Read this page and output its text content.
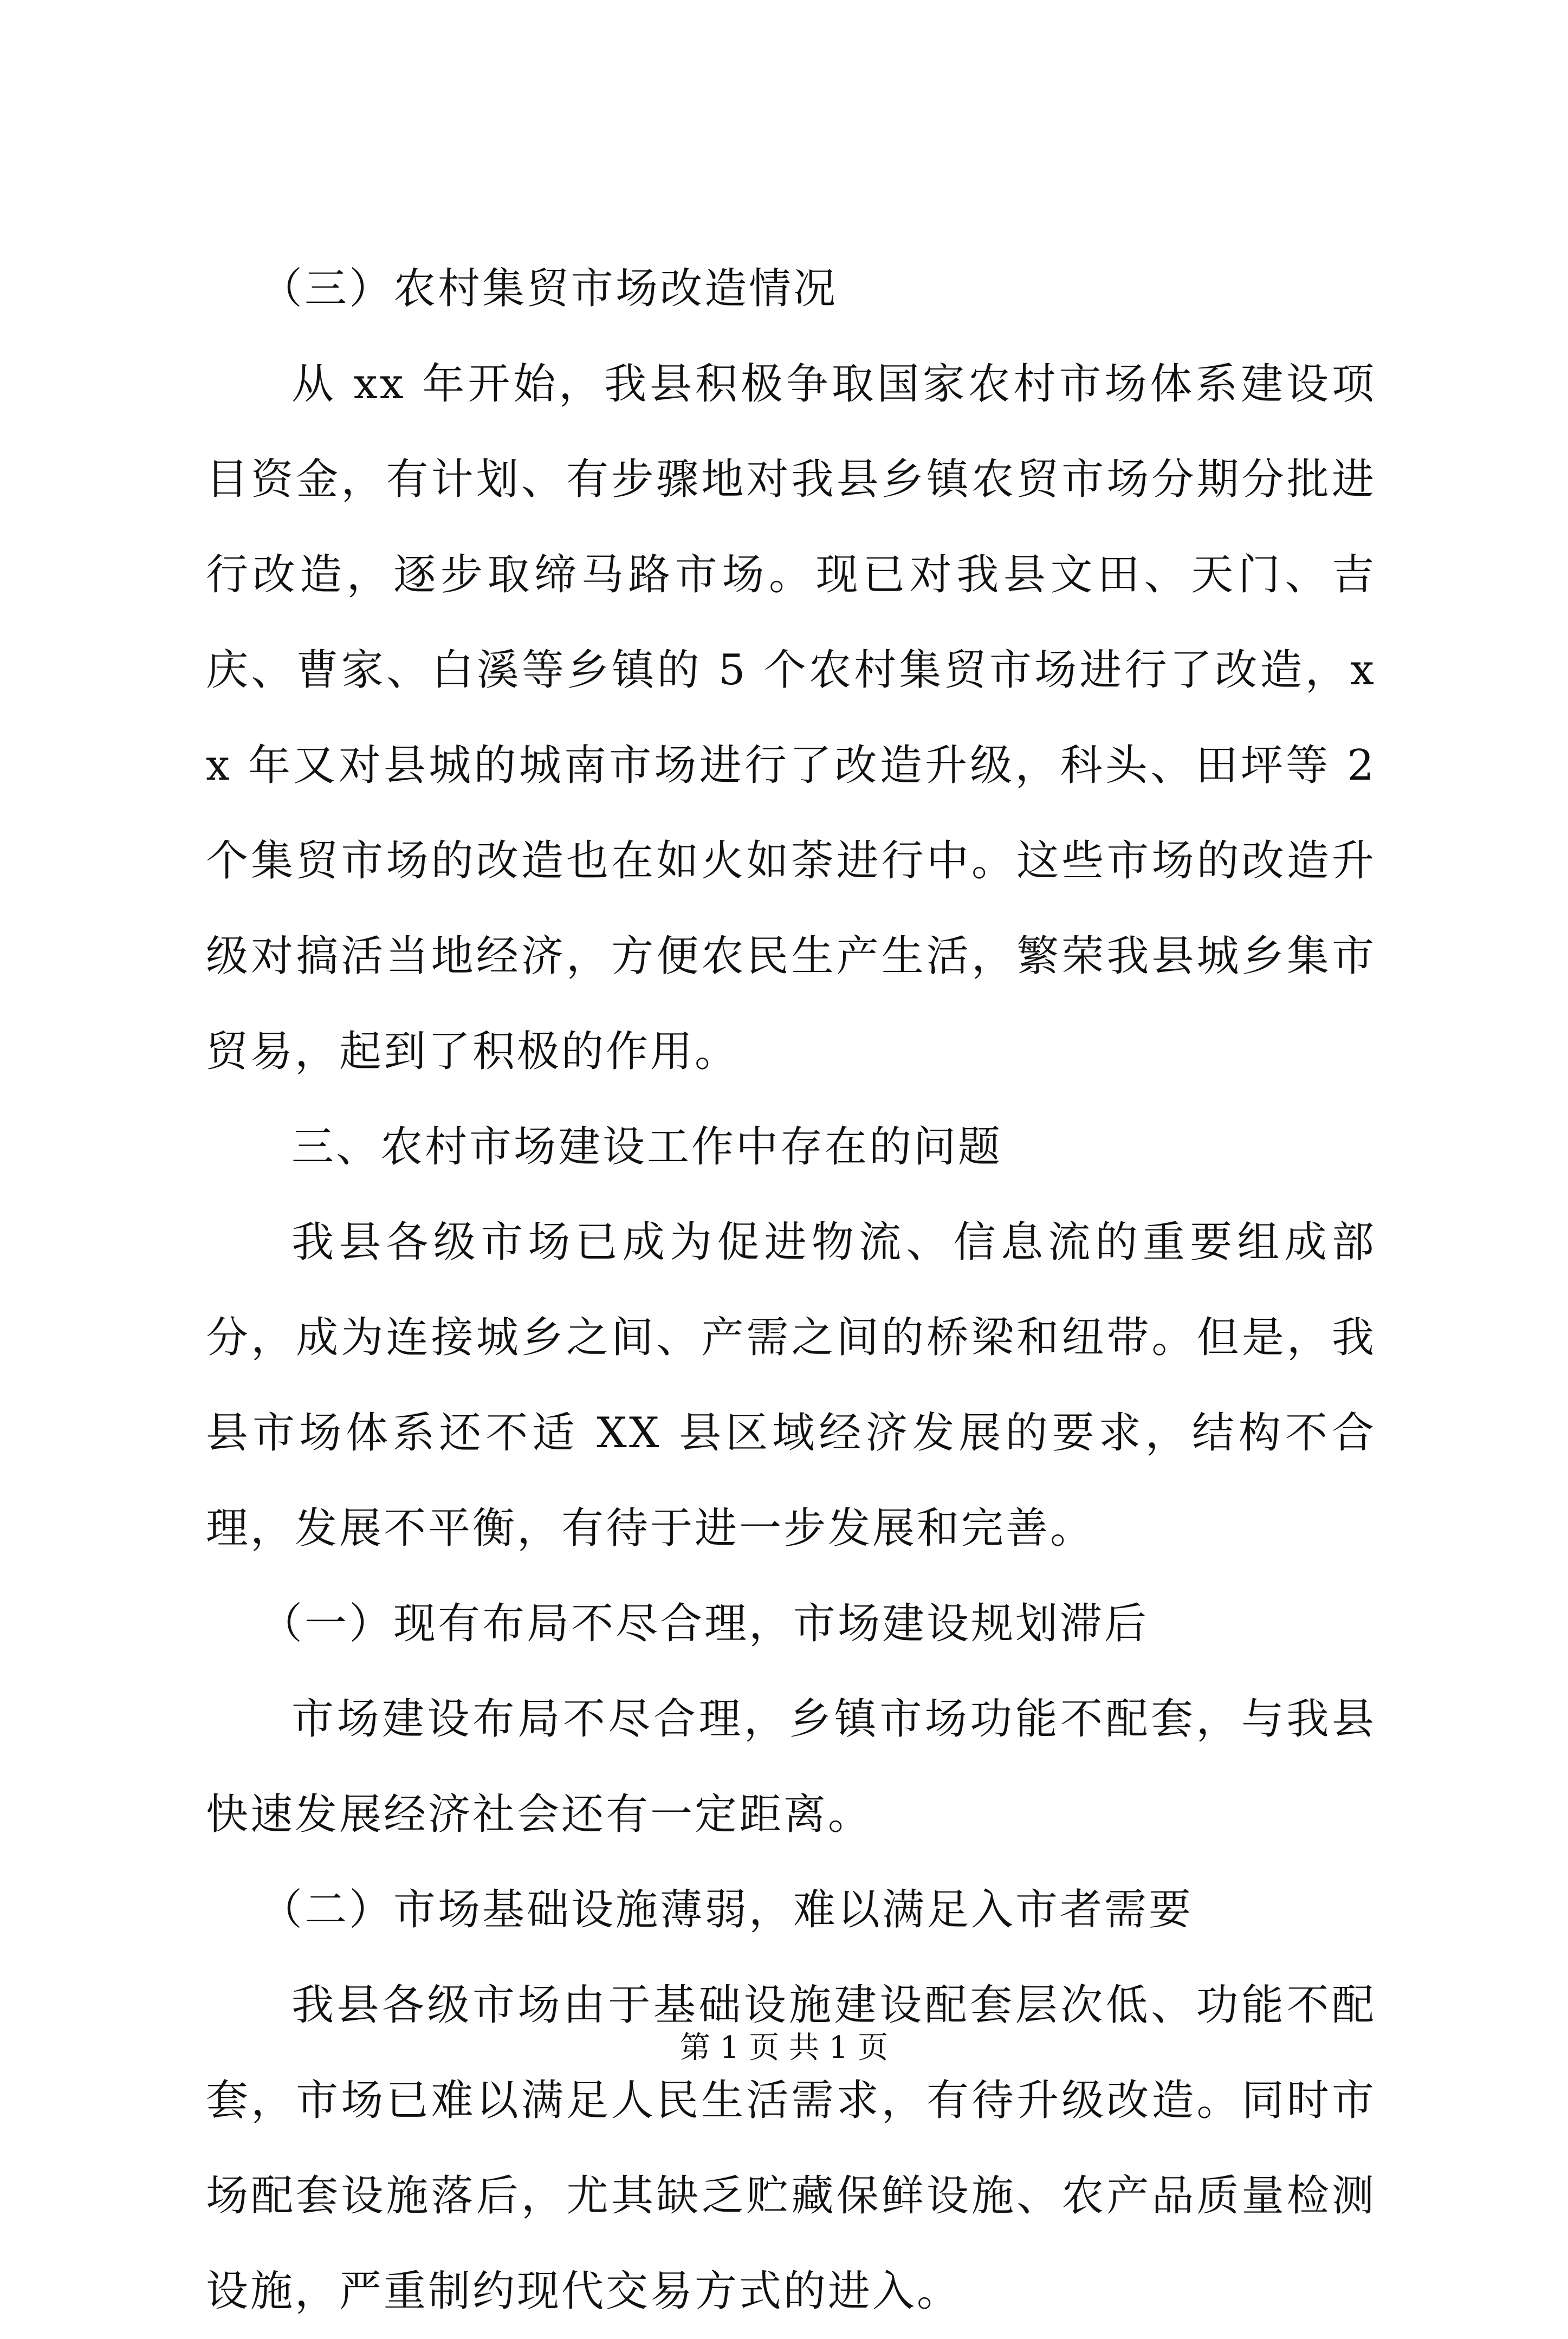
（三）农村集贸市场改造情况

从 xx 年开始，我县积极争取国家农村市场体系建设项目资金，有计划、有步骤地对我县乡镇农贸市场分期分批进行改造，逐步取缔马路市场。现已对我县文田、天门、吉庆、曹家、白溪等乡镇的 5 个农村集贸市场进行了改造，xx 年又对县城的城南市场进行了改造升级，科头、田坪等 2 个集贸市场的改造也在如火如荼进行中。这些市场的改造升级对搞活当地经济，方便农民生产生活，繁荣我县城乡集市贸易，起到了积极的作用。

三、农村市场建设工作中存在的问题

我县各级市场已成为促进物流、信息流的重要组成部分，成为连接城乡之间、产需之间的桥梁和纽带。但是，我县市场体系还不适 XX 县区域经济发展的要求，结构不合理，发展不平衡，有待于进一步发展和完善。

（一）现有布局不尽合理，市场建设规划滞后

市场建设布局不尽合理，乡镇市场功能不配套，与我县快速发展经济社会还有一定距离。

（二）市场基础设施薄弱，难以满足入市者需要

我县各级市场由于基础设施建设配套层次低、功能不配套，市场已难以满足人民生活需求，有待升级改造。同时市场配套设施落后，尤其缺乏贮藏保鲜设施、农产品质量检测设施，严重制约现代交易方式的进入。

第 1 页 共 1 页
